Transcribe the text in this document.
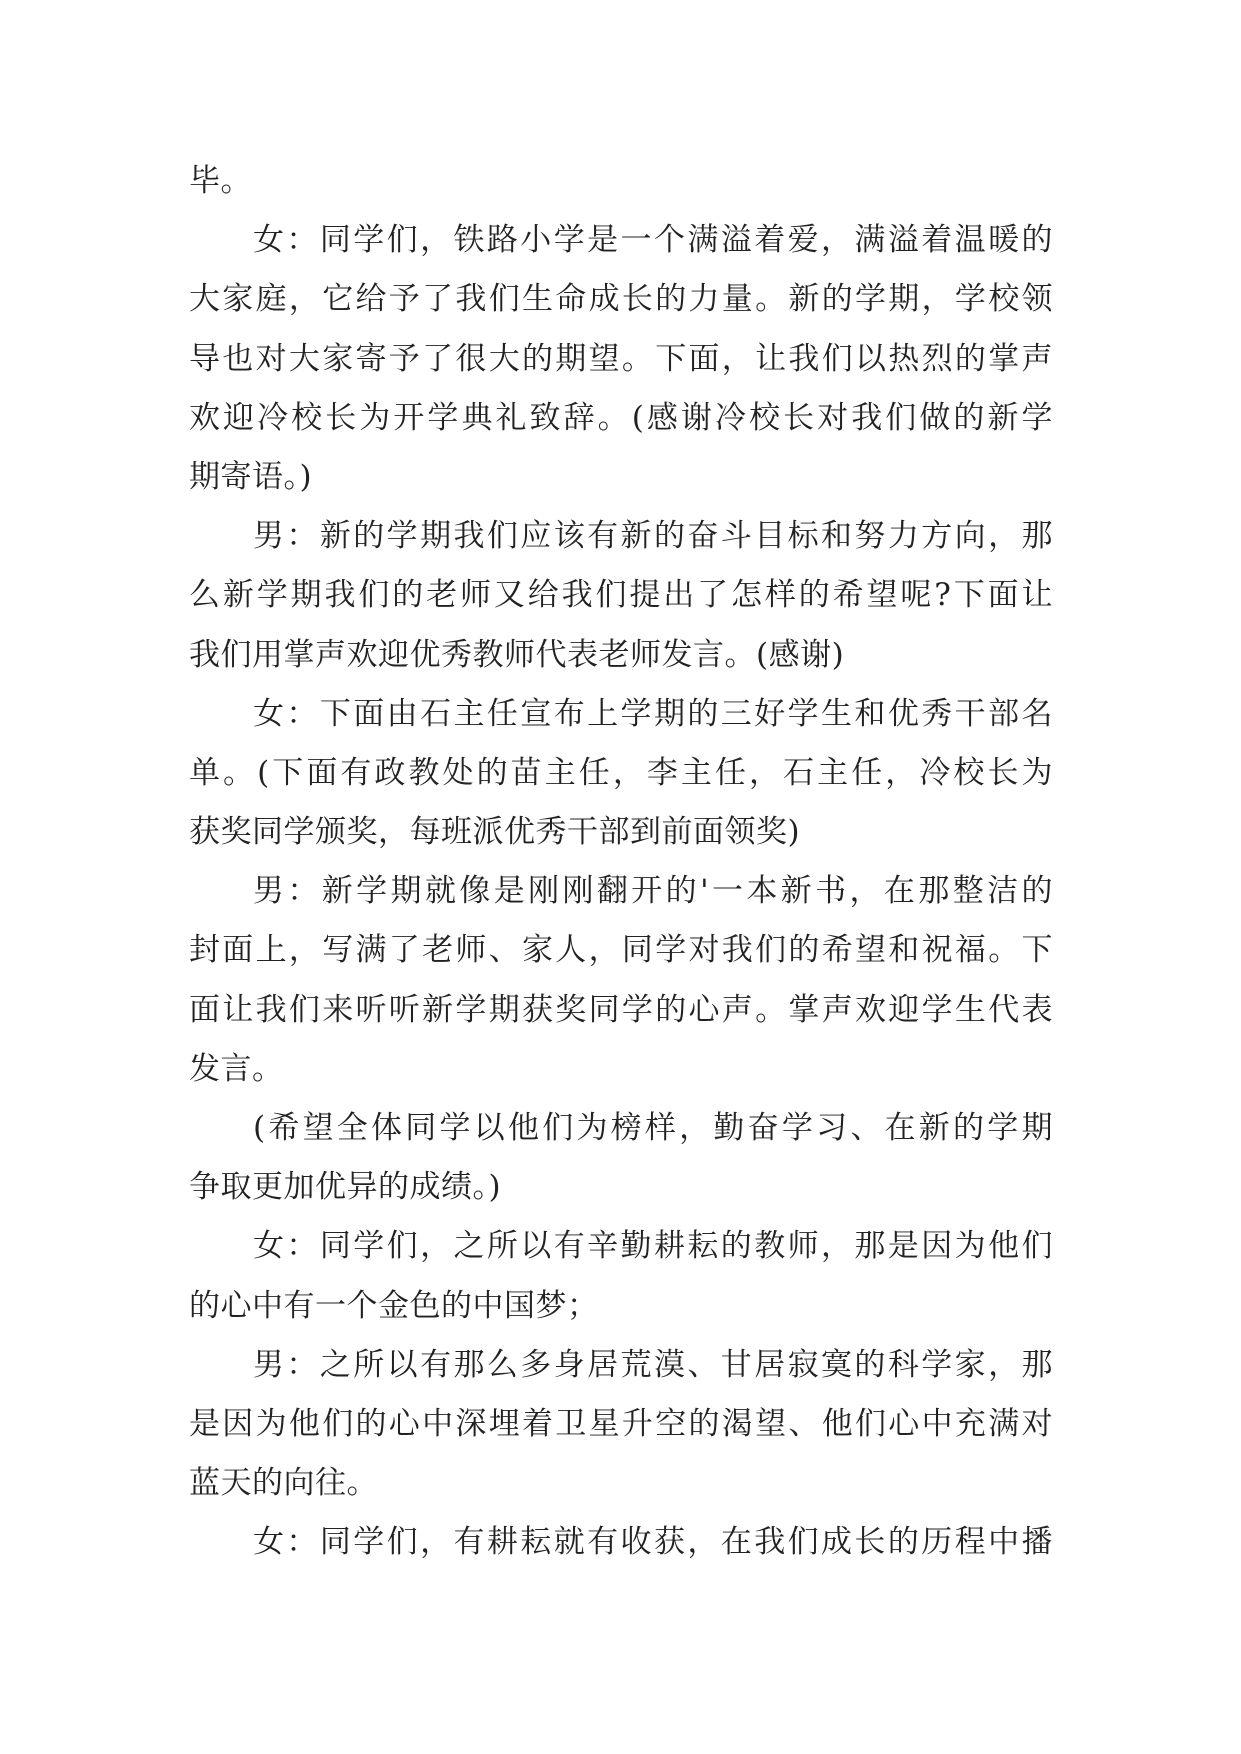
毕。
女：同学们，铁路小学是一个满溢着爱，满溢着温暖的
大家庭，它给予了我们生命成长的力量。新的学期，学校领
导也对大家寄予了很大的期望。下面，让我们以热烈的掌声
欢迎冷校长为开学典礼致辞。(感谢冷校长对我们做的新学
期寄语。)
男：新的学期我们应该有新的奋斗目标和努力方向，那
么新学期我们的老师又给我们提出了怎样的希望呢?下面让
我们用掌声欢迎优秀教师代表老师发言。(感谢)
女：下面由石主任宣布上学期的三好学生和优秀干部名
单。(下面有政教处的苗主任，李主任，石主任，冷校长为
获奖同学颁奖，每班派优秀干部到前面领奖)
男：新学期就像是刚刚翻开的'一本新书，在那整洁的
封面上，写满了老师、家人，同学对我们的希望和祝福。下
面让我们来听听新学期获奖同学的心声。掌声欢迎学生代表
发言。
(希望全体同学以他们为榜样，勤奋学习、在新的学期
争取更加优异的成绩。)
女：同学们，之所以有辛勤耕耘的教师，那是因为他们
的心中有一个金色的中国梦；
男：之所以有那么多身居荒漠、甘居寂寞的科学家，那
是因为他们的心中深埋着卫星升空的渴望、他们心中充满对
蓝天的向往。
女：同学们，有耕耘就有收获，在我们成长的历程中播
